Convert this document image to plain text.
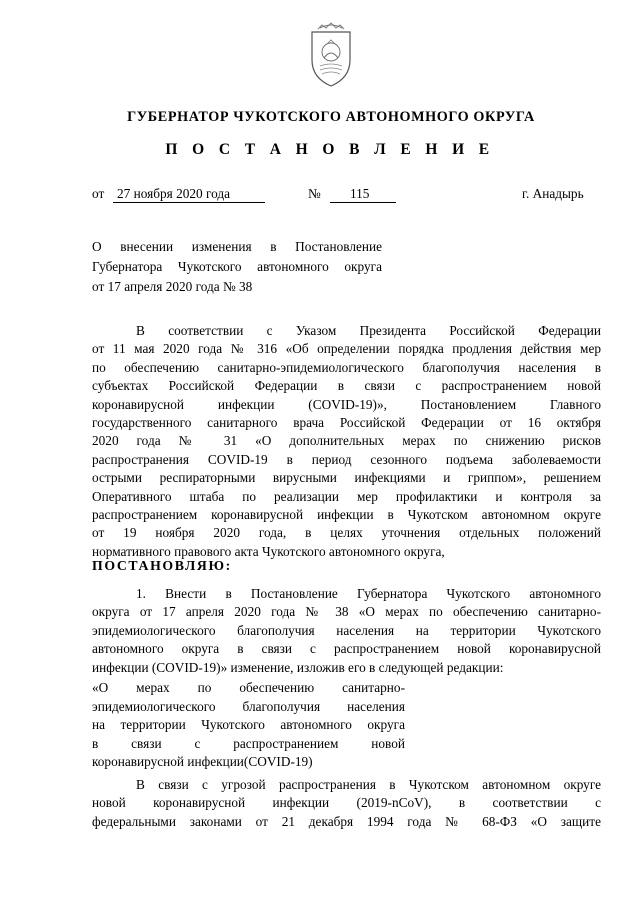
ГУБЕРНАТОР ЧУКОТСКОГО АВТОНОМНОГО ОКРУГА
П О С Т А Н О В Л Е Н И Е
от 27 ноября 2020 года	№	115	г. Анадырь
О внесении изменения в Постановление
Губернатора Чукотского автономного округа
от 17 апреля 2020 года № 38
В соответствии с Указом Президента Российской Федерации
от 11 мая 2020 года № 316 «Об определении порядка продления действия мер
по обеспечению санитарно-эпидемиологического благополучия населения в
субъектах Российской Федерации в связи с распространением новой
коронавирусной инфекции (COVID-19)», Постановлением Главного
государственного санитарного врача Российской Федерации от 16 октября
2020 года № 31 «О дополнительных мерах по снижению рисков
распространения COVID-19 в период сезонного подъема заболеваемости
острыми респираторными вирусными инфекциями и гриппом», решением
Оперативного штаба по реализации мер профилактики и контроля за
распространением коронавирусной инфекции в Чукотском автономном округе
от 19 ноября 2020 года, в целях уточнения отдельных положений
нормативного правового акта Чукотского автономного округа,
ПОСТАНОВЛЯЮ:
1. Внести в Постановление Губернатора Чукотского автономного
округа от 17 апреля 2020 года № 38 «О мерах по обеспечению санитарно-
эпидемиологического благополучия населения на территории Чукотского
автономного округа в связи с распространением новой коронавирусной
инфекции (COVID-19)» изменение, изложив его в следующей редакции:
«О мерах по обеспечению санитарно-
эпидемиологического благополучия населения
на территории Чукотского автономного округа
в связи с распространением новой
коронавирусной инфекции(COVID-19)
В связи с угрозой распространения в Чукотском автономном округе
новой коронавирусной инфекции (2019-nCoV), в соответствии с
федеральными законами от 21 декабря 1994 года № 68-ФЗ «О защите
